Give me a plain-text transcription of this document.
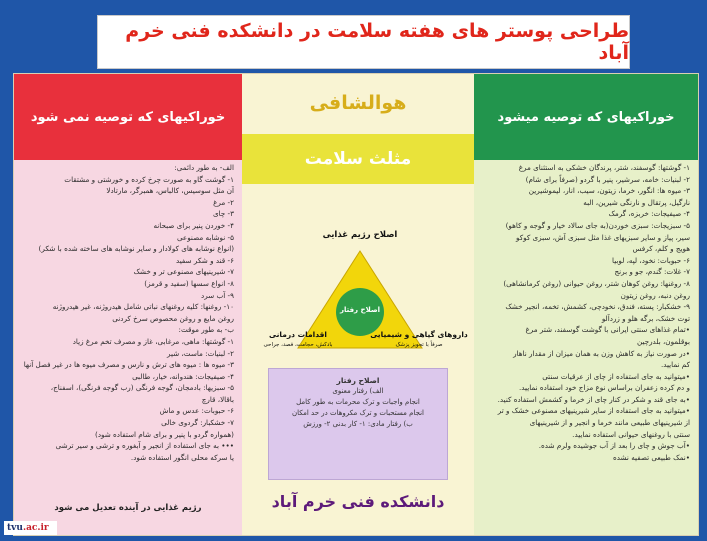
طراحی پوستر های هفته سلامت در دانشکده فنی خرم آباد
خوراکیهای که توصیه نمی شود
الف- به طور دائمی:
۱- گوشت گاو به صورت چرخ کرده و خورشتی و مشتقات
آن مثل سوسیس، کالباس، همبرگر، مارتادلا
۲- مرغ
۳- چای
۴- خوردن پنیر برای صبحانه
۵- نوشابه مصنوعی
(انواع نوشابه های کولادار و سایر نوشابه های ساخته شده با شکر)
۶- قند و شکر سفید
۷- شیرینیهای مصنوعی تر و خشک
۸- انواع سسها (سفید و قرمز)
۹- آب سرد
۱۰- روغنها: کلیه روغنهای نباتی شامل هیدروژنه، غیر هیدروژنه
روغن مایع و روغن محصوص سرخ کردنی
ب- به طور موقت:
۱- گوشتها: ماهی، مرغابی، غاز و مصرف تخم مرغ زیاد
۲- لبنیات: ماست، شیر
۳- میوه ها : میوه های ترش و نارس و مصرف میوه ها در غیر فصل آنها
۴- صیفیجات: هندوانه، خیار، طالبی
۵- سبزیها: بادمجان، گوجه فرنگی (رب گوجه فرنگی)، اسفناج،
باقالا، قارچ
۶- حبوبات: عدس و ماش
۷- خشکبار: گردوی خالی
(همواره گردو با پنیر و برای شام استفاده شود)
••• به جای استفاده از انجیر و آبغوره و ترشی و سیر ترشی
یا سرکه محلی انگور استفاده شود.
رژیم غذایی در آینده تعدیل می شود
هوالشافی
مثلث سلامت
اصلاح رژیم غذایی
اصلاح رفتار
داروهای گیاهی و شیمیایی
صرفاً با تجویز پزشک
اقدامات درمانی
بادکش، حجامت، فصد، جراحی
اصلاح رفتار
الف) رفتار معنوی
انجام واجبات و ترک محرمات به طور کامل
انجام مستحبات و ترک مکروهات در حد امکان
ب) رفتار مادی: ۱- کار بدنی ۲- ورزش
دانشکده فنی خرم آباد
خوراکیهای که توصیه میشود
۱- گوشتها: گوسفند، شتر، پرندگان خشکی به استثنای مرغ
۲- لبنیات: خامه، سرشیر، پنیر با گردو (صرفاً برای شام)
۳- میوه ها: انگور، خرما، زیتون، سیب، انار، لیموشیرین
نارگیل، پرتقال و نارنگی شیرین، البه
۴- صیفیجات: خربزه، گرمک
۵- سبزیجات: سبزی خوردن(به جای سالاد خیار و گوجه و کاهو)
سیر، پیاز و سایر سبزیهای غذا مثل سبزی آش، سبزی کوکو
هویج و کلم، کرفس
۶- حبوبات: نخود، لپه، لوبیا
۷- غلات: گندم، جو و برنج
۸- روغنها: روغن کوهان شتر، روغن حیوانی (روغن کرمانشاهی)
روغن دنبه، روغن زیتون
۹- خشکبار: پسته، فندق، نخودچی، کشمش، تخمه، انجیر خشک
توت خشک، برگه هلو و زردآلو
•تمام غذاهای سنتی ایرانی با گوشت گوسفند، شتر مرغ
بوقلمون، بلدرچین
•در صورت نیاز به کاهش وزن به همان میزان از مقدار ناهار
کم نمایید.
•میتوانید به جای استفاده از چای از عرقیات سنتی
و دم کرده زعفران براساس نوع مزاج خود استفاده نمایید.
•به جای قند و شکر در کنار چای از خرما و کشمش استفاده کنید.
•میتوانید به جای استفاده از سایر شیرینیهای مصنوعی خشک و تر
از شیرینیهای طبیعی مانند خرما و انجیر و از شیرینیهای
سنتی با روغنهای حیوانی استفاده نمایید.
•آب جوش و چای را بعد از آب جوشیده ولرم شده.
•نمک طبیعی تصفیه نشده
tvu.ac.ir
